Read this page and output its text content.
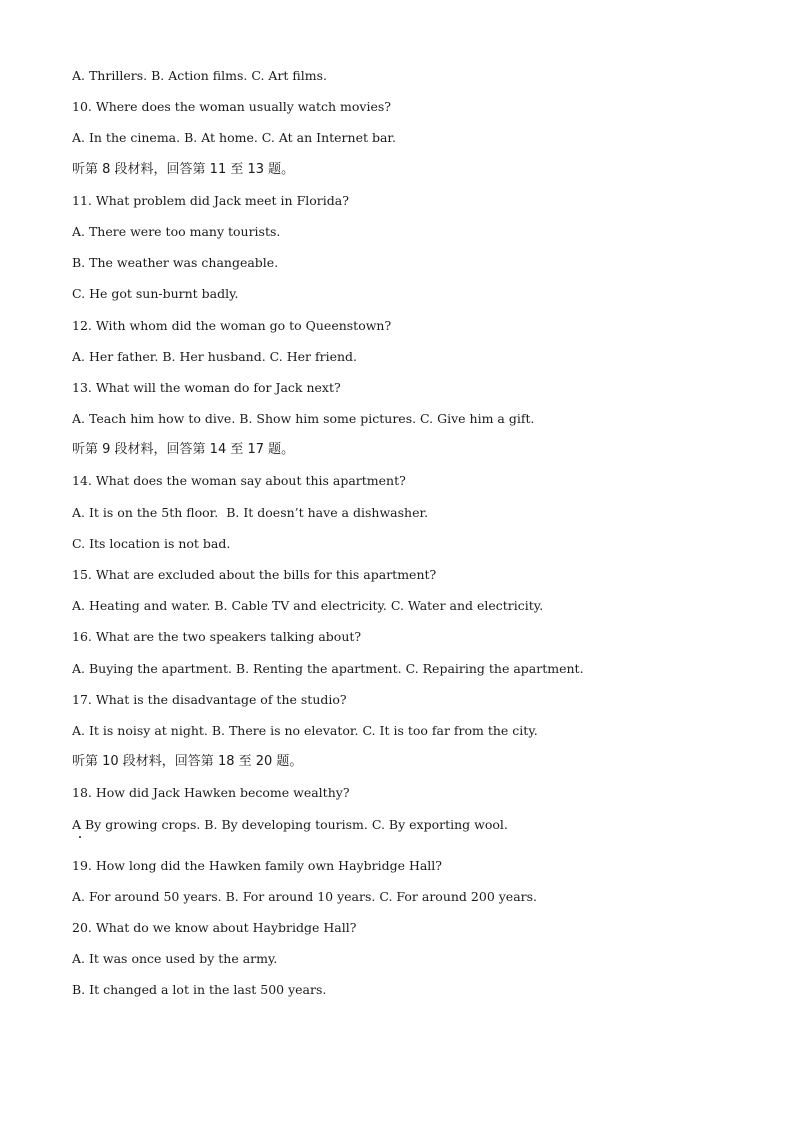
A. Thrillers. B. Action films. C. Art films.
10. Where does the woman usually watch movies?
A. In the cinema. B. At home. C. At an Internet bar.
听第 8 段材料，回答第 11 至 13 题。
11. What problem did Jack meet in Florida?
A. There were too many tourists.
B. The weather was changeable.
C. He got sun-burnt badly.
12. With whom did the woman go to Queenstown?
A. Her father. B. Her husband. C. Her friend.
13. What will the woman do for Jack next?
A. Teach him how to dive. B. Show him some pictures. C. Give him a gift.
听第 9 段材料，回答第 14 至 17 题。
14. What does the woman say about this apartment?
A. It is on the 5th floor.  B. It doesn’t have a dishwasher.
C. Its location is not bad.
15. What are excluded about the bills for this apartment?
A. Heating and water. B. Cable TV and electricity. C. Water and electricity.
16. What are the two speakers talking about?
A. Buying the apartment. B. Renting the apartment. C. Repairing the apartment.
17. What is the disadvantage of the studio?
A. It is noisy at night. B. There is no elevator. C. It is too far from the city.
听第 10 段材料，回答第 18 至 20 题。
18. How did Jack Hawken become wealthy?
A By growing crops. B. By developing tourism. C. By exporting wool.
19. How long did the Hawken family own Haybridge Hall?
A. For around 50 years. B. For around 10 years. C. For around 200 years.
20. What do we know about Haybridge Hall?
A. It was once used by the army.
B. It changed a lot in the last 500 years.
